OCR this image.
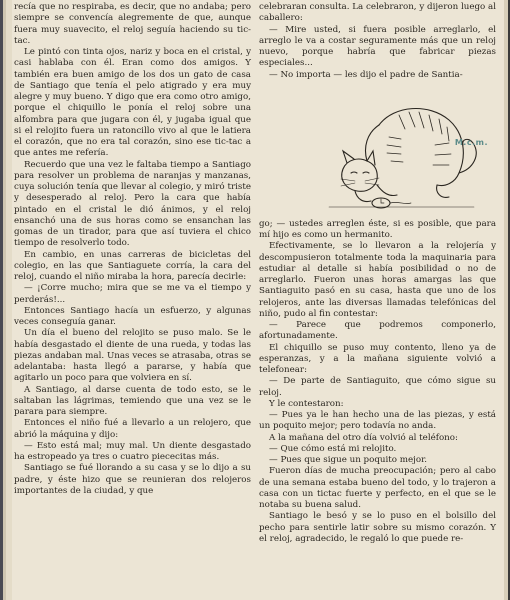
recía que no respiraba, es decir, que no andaba; pero siempre se convencía alegremente de que, aunque fuera muy suavecito, el reloj seguía haciendo su tic-tac.

Le pintó con tinta ojos, nariz y boca en el cristal, y casi hablaba con él. Eran como dos amigos. Y también era buen amigo de los dos un gato de casa de Santiago que tenía el pelo atigrado y era muy alegre y muy bueno. Y digo que era como otro amigo, porque el chiquillo le ponía el reloj sobre una alfombra para que jugara con él, y jugaba igual que si el relojito fuera un ratoncillo vivo al que le latiera el corazón, que no era tal corazón, sino ese tic-tac a que antes me refería.

Recuerdo que una vez le faltaba tiempo a Santiago para resolver un problema de naranjas y manzanas, cuya solución tenía que llevar al colegio, y miró triste y desesperado al reloj. Pero la cara que había pintado en el cristal le dió ánimos, y el reloj ensanchó una de sus horas como se ensanchan las gomas de un tirador, para que así tuviera el chico tiempo de resolverlo todo.

En cambio, en unas carreras de bicicletas del colegio, en las que Santiaguete corría, la cara del reloj, cuando el niño miraba la hora, parecía decirle:

— ¡Corre mucho; mira que se me va el tiempo y perderás!...

Entonces Santiago hacía un esfuerzo, y algunas veces conseguía ganar.

Un día el bueno del relojito se puso malo. Se le había desgastado el diente de una rueda, y todas las piezas andaban mal. Unas veces se atrasaba, otras se adelantaba: hasta llegó a pararse, y había que agitarlo un poco para que volviera en sí.

A Santiago, al darse cuenta de todo esto, se le saltaban las lágrimas, temiendo que una vez se le parara para siempre.

Entonces el niño fué a llevarlo a un relojero, que abrió la máquina y dijo:

— Esto está mal; muy mal. Un diente desgastado ha estropeado ya tres o cuatro piececitas más.

Santiago se fué llorando a su casa y se lo dijo a su padre, y éste hizo que se reunieran dos relojeros importantes de la ciudad, y que

celebraran consulta. La celebraron, y dijeron luego al caballero:

— Mire usted, si fuera posible arreglarlo, el arreglo le va a costar seguramente más que un reloj nuevo, porque habría que fabricar piezas especiales...

— No importa — les dijo el padre de Santia-

M.c.m.

go; — ustedes arreglen éste, si es posible, que para mí hijo es como un hermanito.

Efectivamente, se lo llevaron a la relojería y descompusieron totalmente toda la maquinaria para estudiar al detalle si había posibilidad o no de arreglarlo. Fueron unas horas amargas las que Santiaguito pasó en su casa, hasta que uno de los relojeros, ante las diversas llamadas telefónicas del niño, pudo al fin contestar:

— Parece que podremos componerlo, afortunadamente.

El chiquillo se puso muy contento, lleno ya de esperanzas, y a la mañana siguiente volvió a telefonear:

— De parte de Santiaguito, que cómo sigue su reloj.

Y le contestaron:

— Pues ya le han hecho una de las piezas, y está un poquito mejor; pero todavía no anda.

A la mañana del otro día volvió al teléfono:

— Que cómo está mi relojito.

— Pues que sigue un poquito mejor.

Fueron días de mucha preocupación; pero al cabo de una semana estaba bueno del todo, y lo trajeron a casa con un tictac fuerte y perfecto, en el que se le notaba su buena salud.

Santiago le besó y se lo puso en el bolsillo del pecho para sentirle latir sobre su mismo corazón. Y el reloj, agradecido, le regaló lo que puede re-
